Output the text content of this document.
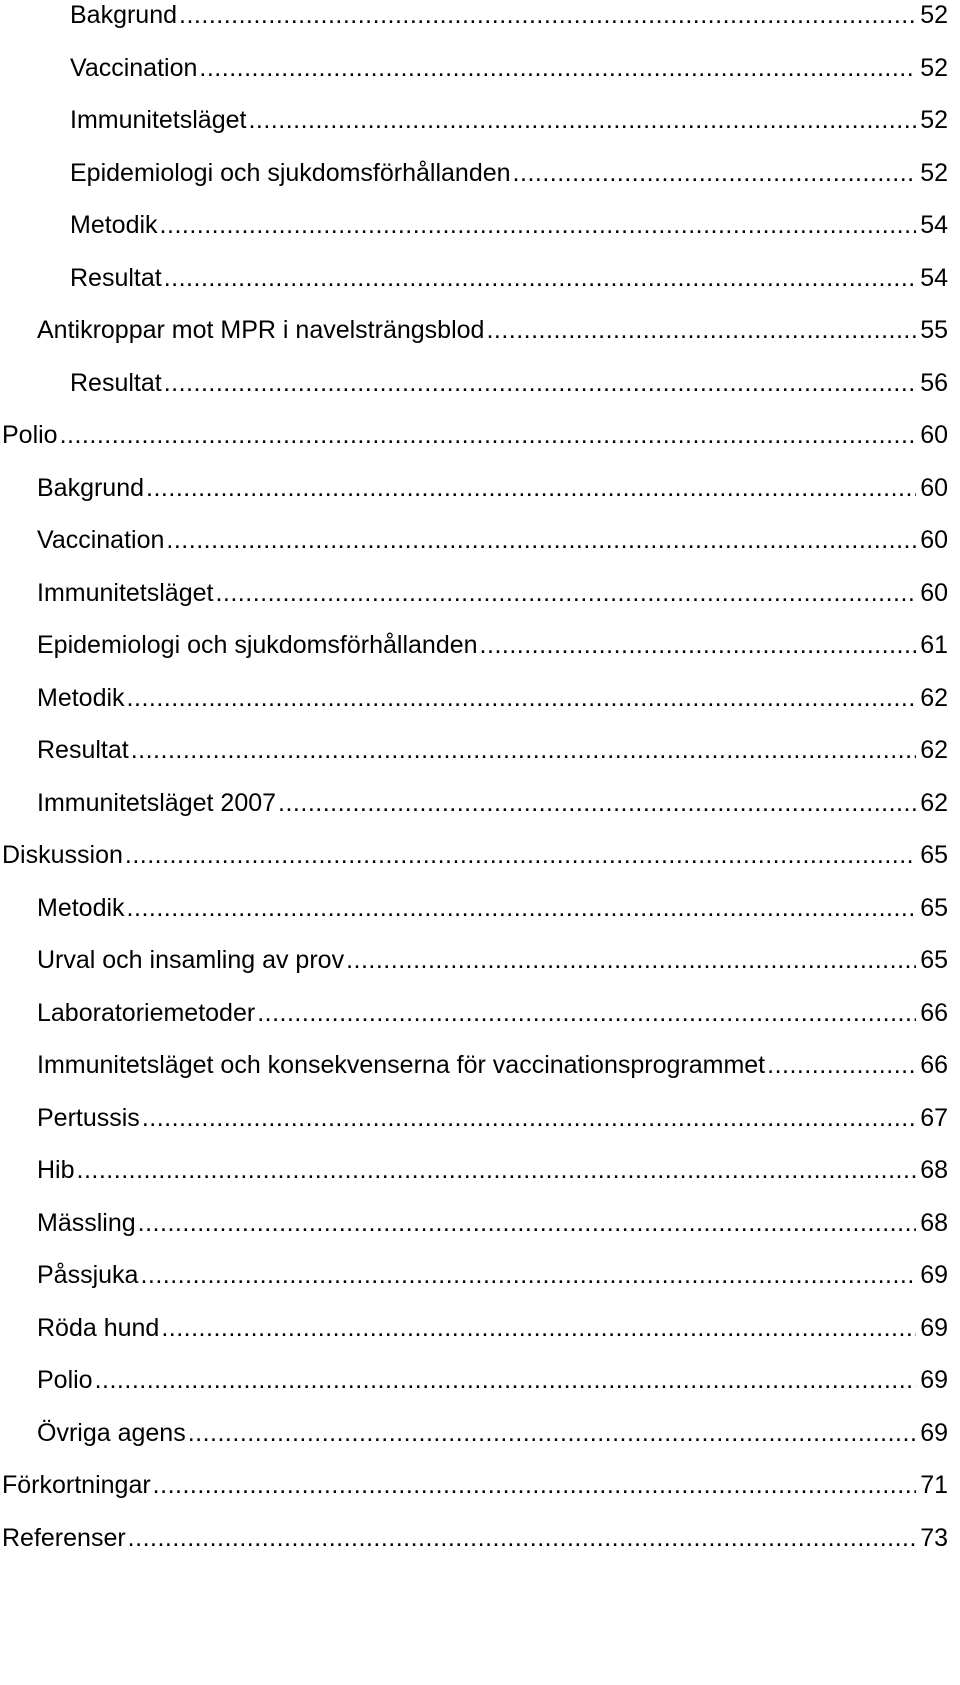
Bakgrund .....	52
Vaccination .....	52
Immunitetsläget .....	52
Epidemiologi och sjukdomsförhållanden .....	52
Metodik .....	54
Resultat .....	54
Antikroppar mot MPR i navelsträngsblod .....	55
Resultat .....	56
Polio .....	60
Bakgrund .....	60
Vaccination .....	60
Immunitetsläget .....	60
Epidemiologi och sjukdomsförhållanden .....	61
Metodik .....	62
Resultat .....	62
Immunitetsläget 2007 .....	62
Diskussion .....	65
Metodik .....	65
Urval och insamling av prov .....	65
Laboratoriemetoder .....	66
Immunitetsläget och konsekvenserna för vaccinationsprogrammet .....	66
Pertussis .....	67
Hib .....	68
Mässling .....	68
Påssjuka .....	69
Röda hund .....	69
Polio .....	69
Övriga agens .....	69
Förkortningar .....	71
Referenser .....	73
